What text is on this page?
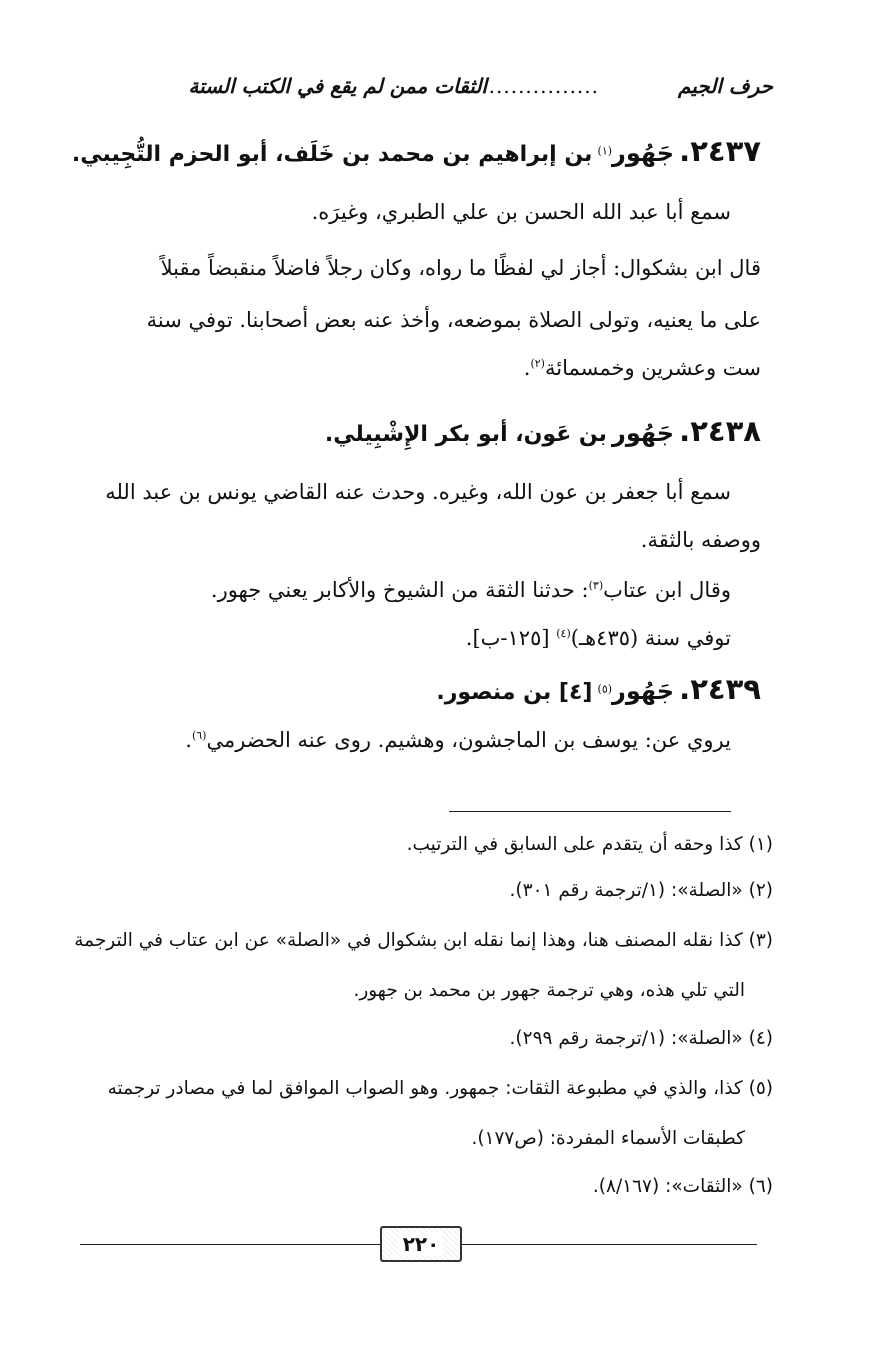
حرف الجيم
...................
الثقات ممن لم يقع في الكتب الستة
٢٤٣٧. جَهُور$^{(١)}$ بن إبراهيم بن محمد بن خَلَف، أبو الحزم التُّجِيبي.
سمع أبا عبد الله الحسن بن علي الطبري، وغيرَه.
قال ابن بشكوال: أجاز لي لفظًا ما رواه، وكان رجلاً فاضلاً منقبضاً مقبلاً
على ما يعنيه، وتولى الصلاة بموضعه، وأخذ عنه بعض أصحابنا. توفي سنة
ست وعشرين وخمسمائة$^{(٢)}$.
٢٤٣٨. جَهُور بن عَون، أبو بكر الإِشْبِيلي.
سمع أبا جعفر بن عون الله، وغيره. وحدث عنه القاضي يونس بن عبد الله
ووصفه بالثقة.
وقال ابن عتاب$^{(٣)}$: حدثنا الثقة من الشيوخ والأكابر يعني جهور.
توفي سنة (٤٣٥هـ)$^{(٤)}$ [١٢٥-ب].
٢٤٣٩. جَهُور$^{(٥)}$ [٤] بن منصور.
يروي عن: يوسف بن الماجشون، وهشيم. روى عنه الحضرمي$^{(٦)}$.
(١) كذا وحقه أن يتقدم على السابق في الترتيب.
(٢) «الصلة»: (١/ترجمة رقم ٣٠١).
(٣) كذا نقله المصنف هنا، وهذا إنما نقله ابن بشكوال في «الصلة» عن ابن عتاب في الترجمة
التي تلي هذه، وهي ترجمة جهور بن محمد بن جهور.
(٤) «الصلة»: (١/ترجمة رقم ٢٩٩).
(٥) كذا، والذي في مطبوعة الثقات: جمهور. وهو الصواب الموافق لما في مصادر ترجمته
كطبقات الأسماء المفردة: (ص١٧٧).
(٦) «الثقات»: (٨/١٦٧).
٢٢٠
